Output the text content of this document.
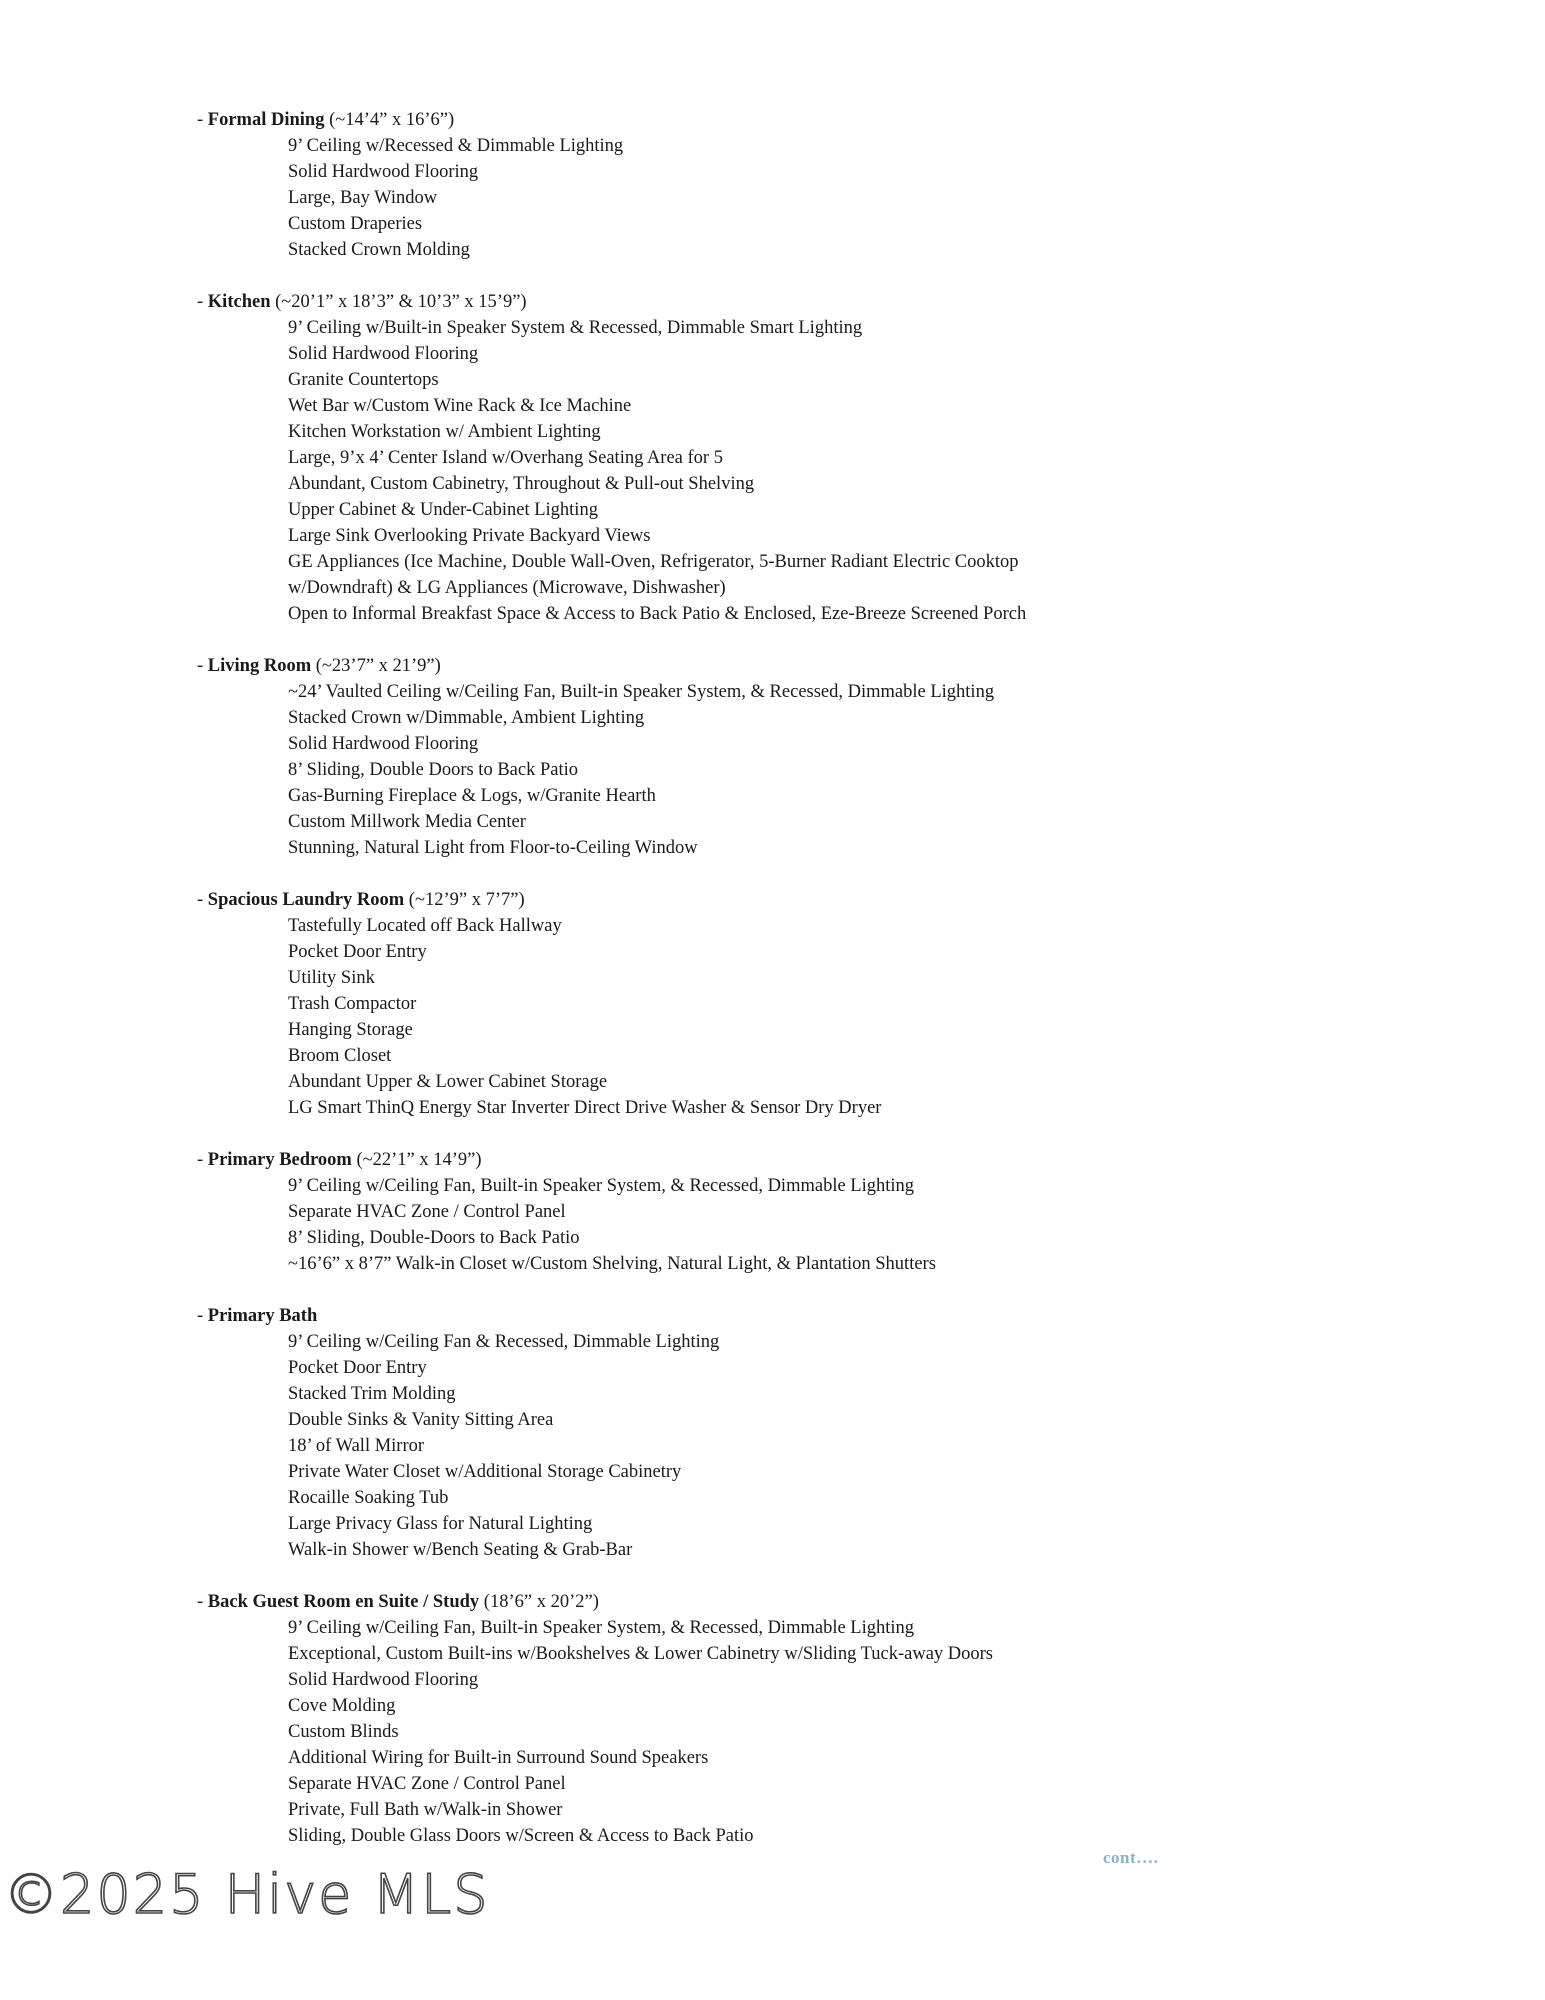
- Formal Dining (~14’4” x 16’6”)
9’ Ceiling w/Recessed & Dimmable Lighting
Solid Hardwood Flooring
Large, Bay Window
Custom Draperies
Stacked Crown Molding
- Kitchen (~20’1” x 18’3” & 10’3” x 15’9”)
9’ Ceiling w/Built-in Speaker System & Recessed, Dimmable Smart Lighting
Solid Hardwood Flooring
Granite Countertops
Wet Bar w/Custom Wine Rack & Ice Machine
Kitchen Workstation w/ Ambient Lighting
Large, 9’x 4’ Center Island w/Overhang Seating Area for 5
Abundant, Custom Cabinetry, Throughout & Pull-out Shelving
Upper Cabinet & Under-Cabinet Lighting
Large Sink Overlooking Private Backyard Views
GE Appliances (Ice Machine, Double Wall-Oven, Refrigerator, 5-Burner Radiant Electric Cooktop w/Downdraft) & LG Appliances (Microwave, Dishwasher)
Open to Informal Breakfast Space & Access to Back Patio & Enclosed, Eze-Breeze Screened Porch
- Living Room (~23’7” x 21’9”)
~24’ Vaulted Ceiling w/Ceiling Fan, Built-in Speaker System, & Recessed, Dimmable Lighting
Stacked Crown w/Dimmable, Ambient Lighting
Solid Hardwood Flooring
8’ Sliding, Double Doors to Back Patio
Gas-Burning Fireplace & Logs, w/Granite Hearth
Custom Millwork Media Center
Stunning, Natural Light from Floor-to-Ceiling Window
- Spacious Laundry Room (~12’9” x 7’7”)
Tastefully Located off Back Hallway
Pocket Door Entry
Utility Sink
Trash Compactor
Hanging Storage
Broom Closet
Abundant Upper & Lower Cabinet Storage
LG Smart ThinQ Energy Star Inverter Direct Drive Washer & Sensor Dry Dryer
- Primary Bedroom (~22’1” x 14’9”)
9’ Ceiling w/Ceiling Fan, Built-in Speaker System, & Recessed, Dimmable Lighting
Separate HVAC Zone / Control Panel
8’ Sliding, Double-Doors to Back Patio
~16’6” x 8’7” Walk-in Closet w/Custom Shelving, Natural Light, & Plantation Shutters
- Primary Bath
9’ Ceiling w/Ceiling Fan & Recessed, Dimmable Lighting
Pocket Door Entry
Stacked Trim Molding
Double Sinks & Vanity Sitting Area
18’ of Wall Mirror
Private Water Closet w/Additional Storage Cabinetry
Rocaille Soaking Tub
Large Privacy Glass for Natural Lighting
Walk-in Shower w/Bench Seating & Grab-Bar
- Back Guest Room en Suite / Study (18’6” x 20’2”)
9’ Ceiling w/Ceiling Fan, Built-in Speaker System, & Recessed, Dimmable Lighting
Exceptional, Custom Built-ins w/Bookshelves & Lower Cabinetry w/Sliding Tuck-away Doors
Solid Hardwood Flooring
Cove Molding
Custom Blinds
Additional Wiring for Built-in Surround Sound Speakers
Separate HVAC Zone / Control Panel
Private, Full Bath w/Walk-in Shower
Sliding, Double Glass Doors w/Screen & Access to Back Patio
cont….
©2025 Hive MLS
